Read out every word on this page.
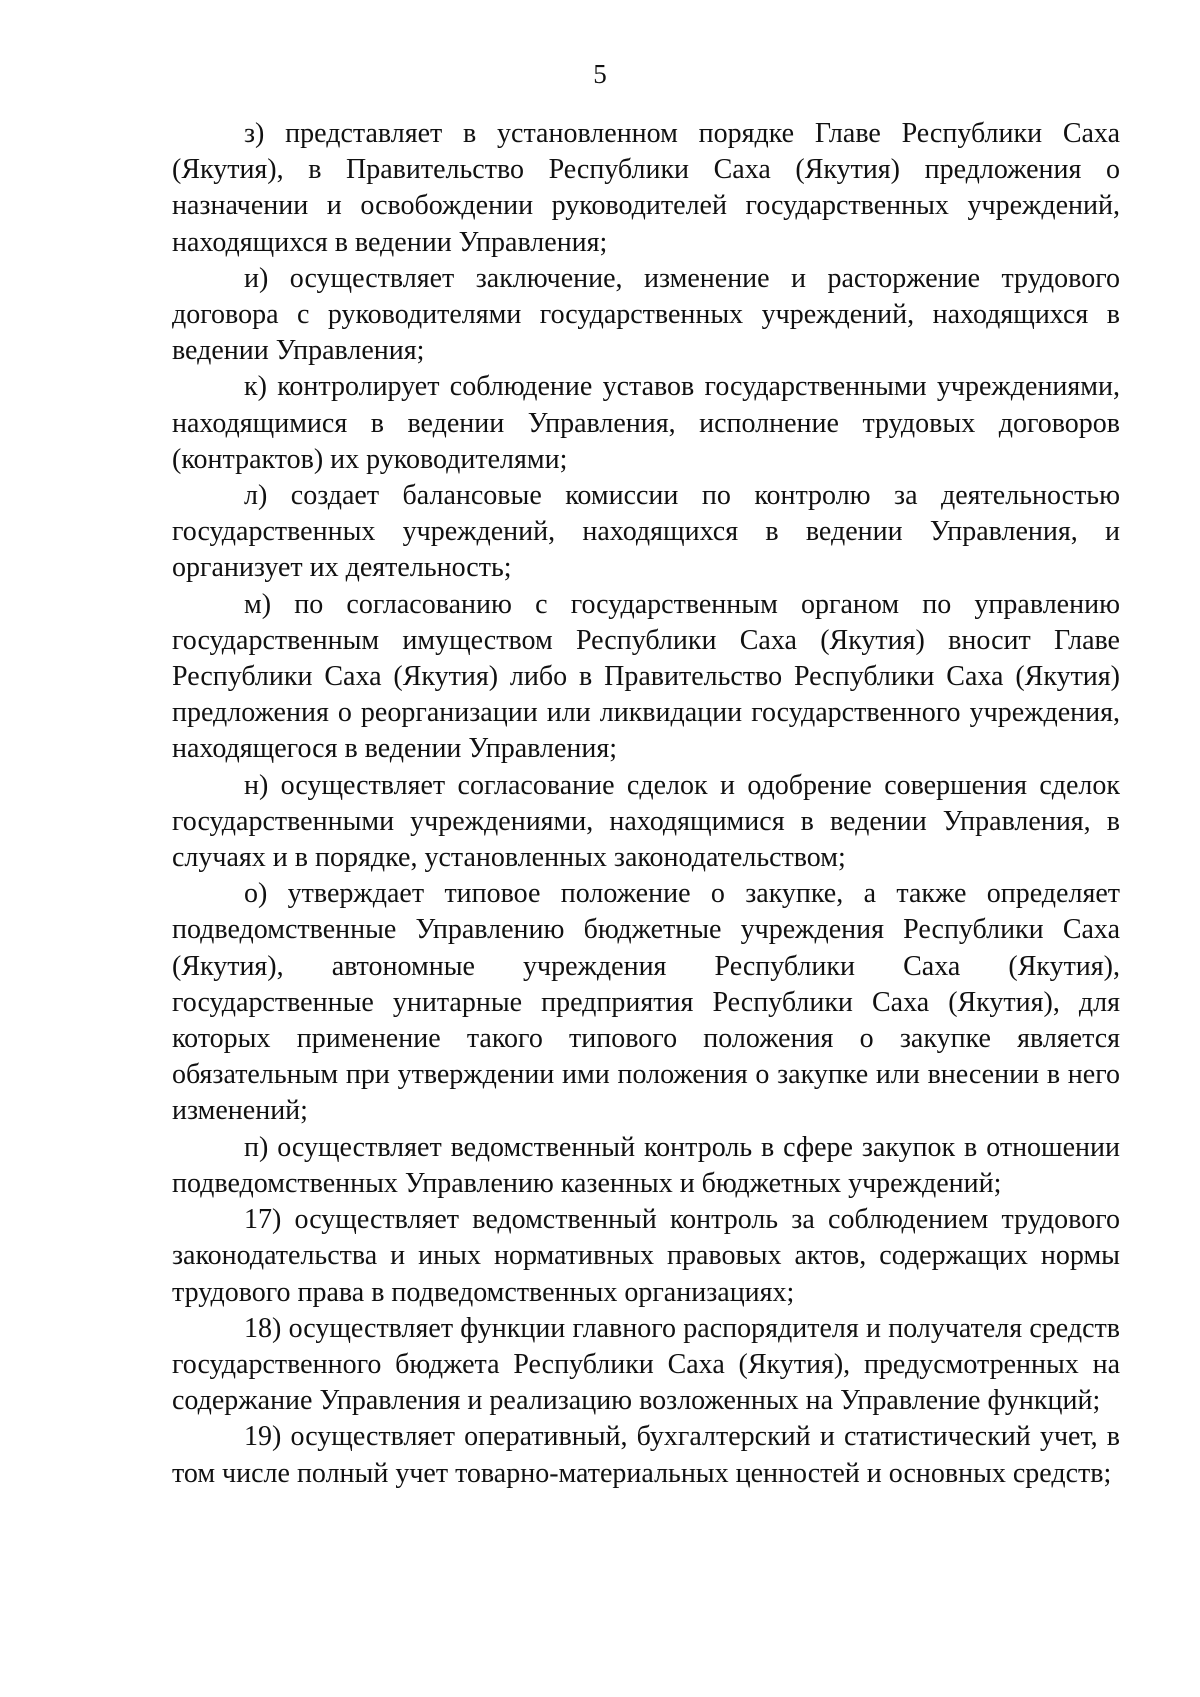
5

з) представляет в установленном порядке Главе Республики Саха (Якутия), в Правительство Республики Саха (Якутия) предложения о назначении и освобождении руководителей государственных учреждений, находящихся в ведении Управления;

и) осуществляет заключение, изменение и расторжение трудового договора с руководителями государственных учреждений, находящихся в ведении Управления;

к) контролирует соблюдение уставов государственными учреждениями, находящимися в ведении Управления, исполнение трудовых договоров (контрактов) их руководителями;

л) создает балансовые комиссии по контролю за деятельностью государственных учреждений, находящихся в ведении Управления, и организует их деятельность;

м) по согласованию с государственным органом по управлению государственным имуществом Республики Саха (Якутия) вносит Главе Республики Саха (Якутия) либо в Правительство Республики Саха (Якутия) предложения о реорганизации или ликвидации государственного учреждения, находящегося в ведении Управления;

н) осуществляет согласование сделок и одобрение совершения сделок государственными учреждениями, находящимися в ведении Управления, в случаях и в порядке, установленных законодательством;

о) утверждает типовое положение о закупке, а также определяет подведомственные Управлению бюджетные учреждения Республики Саха (Якутия), автономные учреждения Республики Саха (Якутия), государственные унитарные предприятия Республики Саха (Якутия), для которых применение такого типового положения о закупке является обязательным при утверждении ими положения о закупке или внесении в него изменений;

п) осуществляет ведомственный контроль в сфере закупок в отношении подведомственных Управлению казенных и бюджетных учреждений;

17) осуществляет ведомственный контроль за соблюдением трудового законодательства и иных нормативных правовых актов, содержащих нормы трудового права в подведомственных организациях;

18) осуществляет функции главного распорядителя и получателя средств государственного бюджета Республики Саха (Якутия), предусмотренных на содержание Управления и реализацию возложенных на Управление функций;

19) осуществляет оперативный, бухгалтерский и статистический учет, в том числе полный учет товарно-материальных ценностей и основных средств;
